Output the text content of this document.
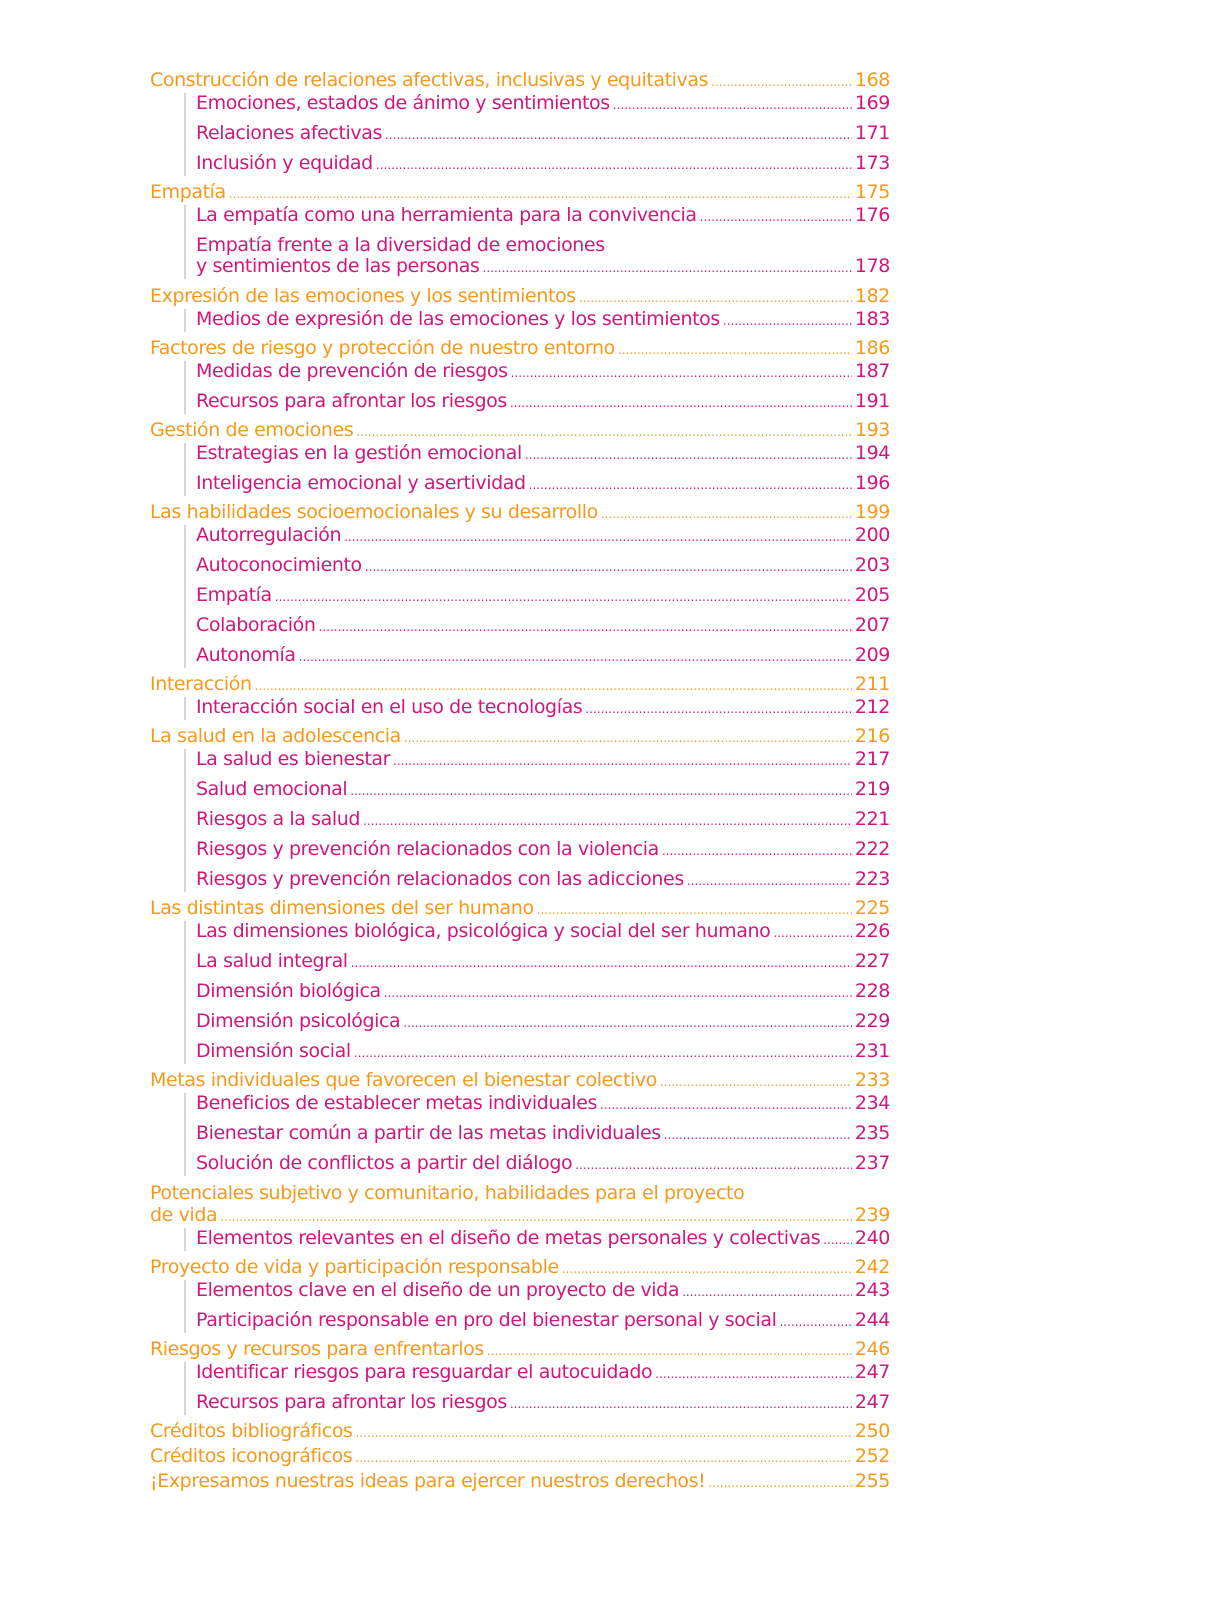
Construcción de relaciones afectivas, inclusivas y equitativas .....	168
Emociones, estados de ánimo y sentimientos .....	169
Relaciones afectivas .....	171
Inclusión y equidad .....	173
Empatía .....	175
La empatía como una herramienta para la convivencia .....	176
Empatía frente a la diversidad de emociones
y sentimientos de las personas .....	178
Expresión de las emociones y los sentimientos .....	182
Medios de expresión de las emociones y los sentimientos .....	183
Factores de riesgo y protección de nuestro entorno .....	186
Medidas de prevención de riesgos .....	187
Recursos para afrontar los riesgos .....	191
Gestión de emociones .....	193
Estrategias en la gestión emocional .....	194
Inteligencia emocional y asertividad .....	196
Las habilidades socioemocionales y su desarrollo .....	199
Autorregulación .....	200
Autoconocimiento .....	203
Empatía .....	205
Colaboración .....	207
Autonomía .....	209
Interacción .....	211
Interacción social en el uso de tecnologías .....	212
La salud en la adolescencia .....	216
La salud es bienestar .....	217
Salud emocional .....	219
Riesgos a la salud .....	221
Riesgos y prevención relacionados con la violencia .....	222
Riesgos y prevención relacionados con las adicciones .....	223
Las distintas dimensiones del ser humano .....	225
Las dimensiones biológica, psicológica y social del ser humano .....	226
La salud integral .....	227
Dimensión biológica .....	228
Dimensión psicológica .....	229
Dimensión social .....	231
Metas individuales que favorecen el bienestar colectivo .....	233
Beneficios de establecer metas individuales .....	234
Bienestar común a partir de las metas individuales .....	235
Solución de conflictos a partir del diálogo .....	237
Potenciales subjetivo y comunitario, habilidades para el proyecto
de vida .....	239
Elementos relevantes en el diseño de metas personales y colectivas ..... 240
Proyecto de vida y participación responsable .....	242
Elementos clave en el diseño de un proyecto de vida .....	243
Participación responsable en pro del bienestar personal y social .....	244
Riesgos y recursos para enfrentarlos .....	246
Identificar riesgos para resguardar el autocuidado .....	247
Recursos para afrontar los riesgos .....	247
Créditos bibliográficos .....	250
Créditos iconográficos .....	252
¡Expresamos nuestras ideas para ejercer nuestros derechos! .....	255
